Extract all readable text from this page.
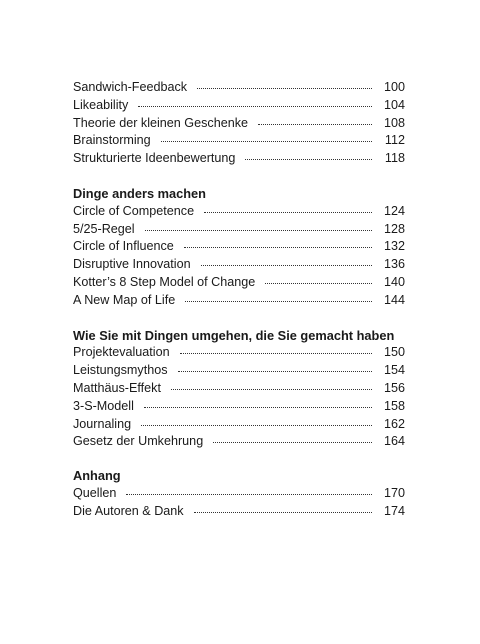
Sandwich-Feedback	100
Likeability	104
Theorie der kleinen Geschenke	108
Brainstorming	112
Strukturierte Ideenbewertung	118
Dinge anders machen
Circle of Competence	124
5/25-Regel	128
Circle of Influence	132
Disruptive Innovation	136
Kotter’s 8 Step Model of Change	140
A New Map of Life	144
Wie Sie mit Dingen umgehen, die Sie gemacht haben
Projektevaluation	150
Leistungsmythos	154
Matthäus-Effekt	156
3-S-Modell	158
Journaling	162
Gesetz der Umkehrung	164
Anhang
Quellen	170
Die Autoren & Dank	174
